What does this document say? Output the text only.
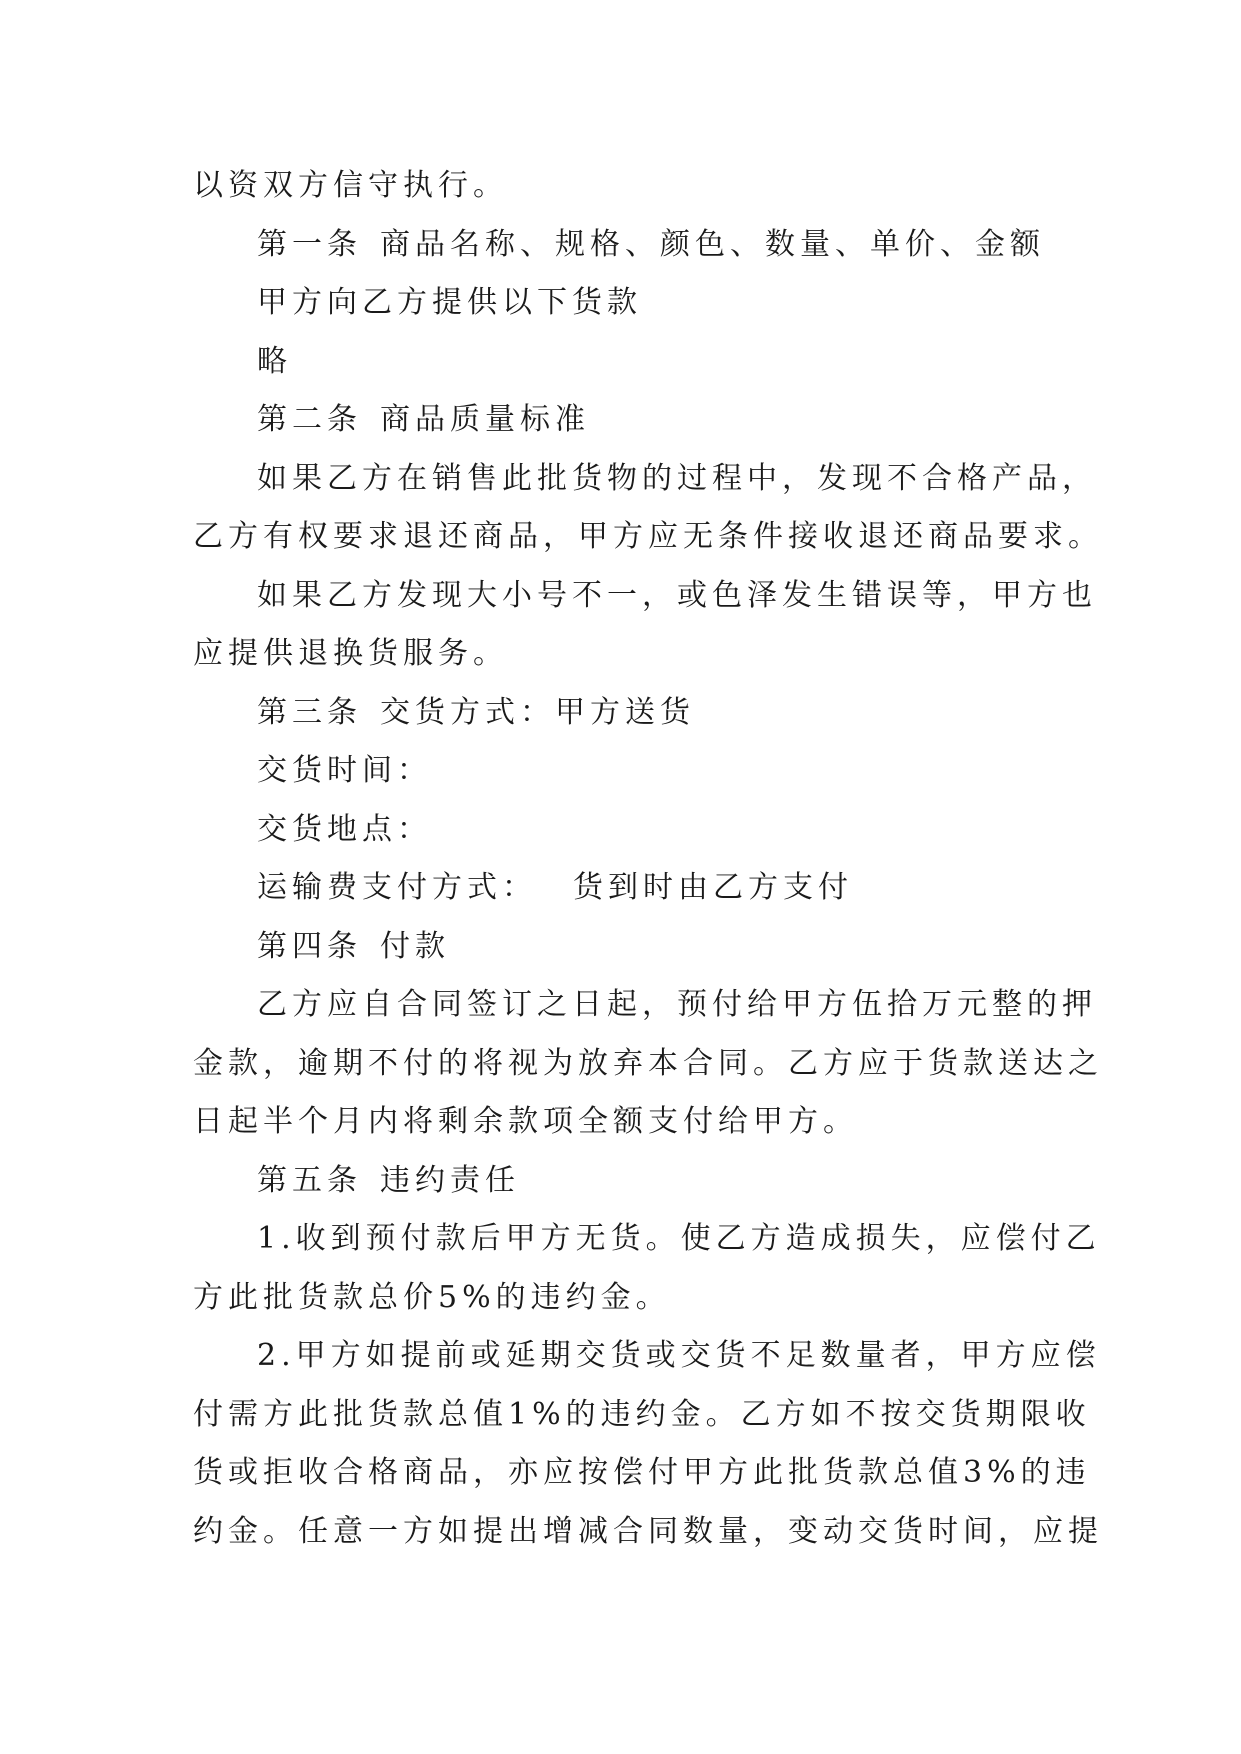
以资双方信守执行。
第一条 商品名称、规格、颜色、数量、单价、金额
甲方向乙方提供以下货款
略
第二条 商品质量标准
如果乙方在销售此批货物的过程中，发现不合格产品，
乙方有权要求退还商品，甲方应无条件接收退还商品要求。
如果乙方发现大小号不一，或色泽发生错误等，甲方也
应提供退换货服务。
第三条 交货方式：甲方送货
交货时间：
交货地点：
运输费支付方式： 货到时由乙方支付
第四条 付款
乙方应自合同签订之日起，预付给甲方伍拾万元整的押
金款，逾期不付的将视为放弃本合同。乙方应于货款送达之
日起半个月内将剩余款项全额支付给甲方。
第五条 违约责任
1.收到预付款后甲方无货。使乙方造成损失，应偿付乙
方此批货款总价5%的违约金。
2.甲方如提前或延期交货或交货不足数量者，甲方应偿
付需方此批货款总值1%的违约金。乙方如不按交货期限收
货或拒收合格商品，亦应按偿付甲方此批货款总值3%的违
约金。任意一方如提出增减合同数量，变动交货时间，应提
